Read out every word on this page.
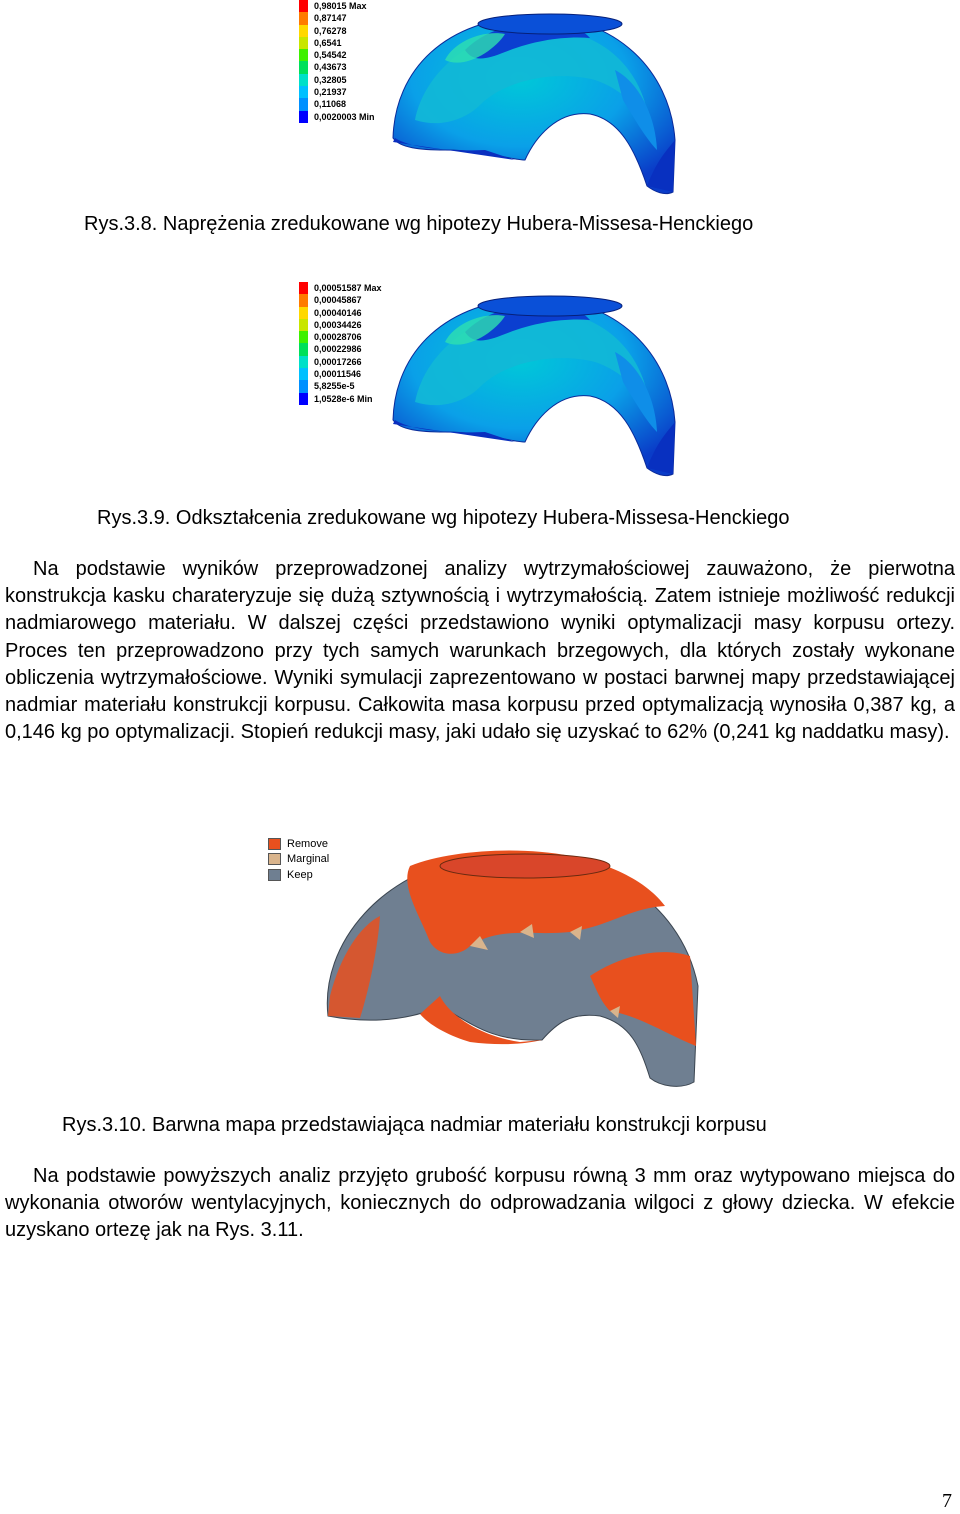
0,98015 Max
0,87147
0,76278
0,6541
0,54542
0,43673
0,32805
0,21937
0,11068
0,0020003 Min
Rys.3.8. Naprężenia zredukowane wg hipotezy Hubera-Missesa-Henckiego
0,00051587 Max
0,00045867
0,00040146
0,00034426
0,00028706
0,00022986
0,00017266
0,00011546
5,8255e-5
1,0528e-6 Min
Rys.3.9. Odkształcenia zredukowane wg hipotezy Hubera-Missesa-Henckiego
Na podstawie wyników przeprowadzonej analizy wytrzymałościowej zauważono, że pierwotna konstrukcja kasku charateryzuje się dużą sztywnością i wytrzymałością. Zatem istnieje możliwość redukcji nadmiarowego materiału. W dalszej części przedstawiono wyniki optymalizacji masy korpusu ortezy. Proces ten przeprowadzono przy tych samych warunkach brzegowych, dla których zostały wykonane obliczenia wytrzymałościowe. Wyniki symulacji zaprezentowano w postaci barwnej mapy przedstawiającej nadmiar materiału konstrukcji korpusu. Całkowita masa korpusu przed optymalizacją wynosiła 0,387 kg, a 0,146 kg po optymalizacji. Stopień redukcji masy, jaki udało się uzyskać to 62% (0,241 kg naddatku masy).
Remove
Marginal
Keep
Rys.3.10. Barwna mapa przedstawiająca nadmiar materiału konstrukcji korpusu
Na podstawie powyższych analiz przyjęto grubość korpusu równą 3 mm oraz wytypowano miejsca do wykonania otworów wentylacyjnych, koniecznych do odprowadzania wilgoci z głowy dziecka. W efekcie uzyskano ortezę jak na Rys. 3.11.
7
